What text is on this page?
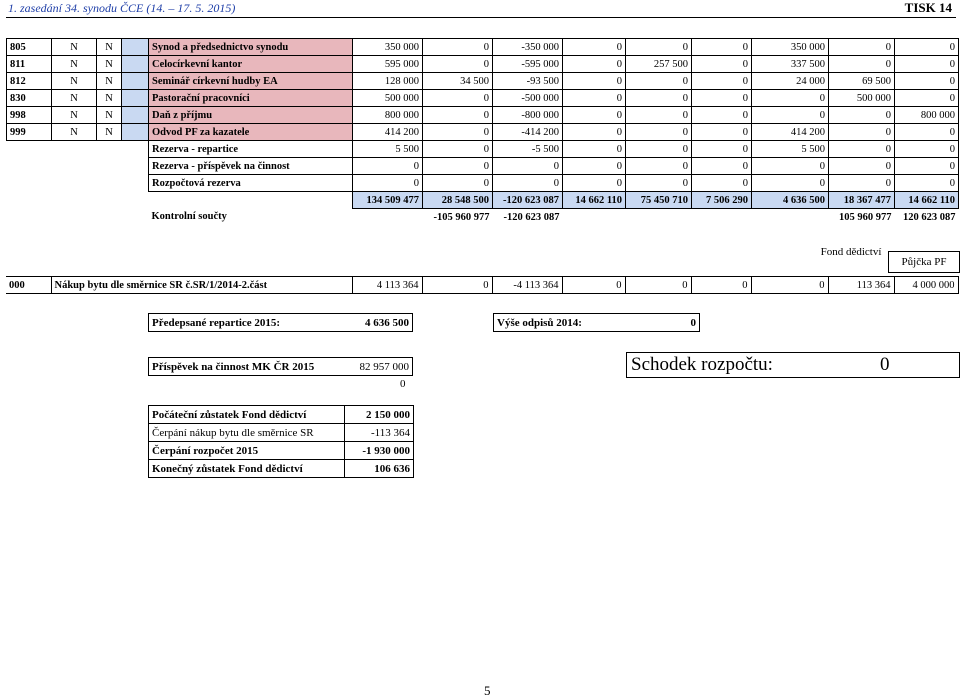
1. zasedání 34. synodu ČCE (14. – 17. 5. 2015)	TISK 14
805	N	N		Synod a předsednictvo synodu	350 000	0	-350 000	0	0	0	350 000	0	0
811	N	N		Celocírkevní kantor	595 000	0	-595 000	0	257 500	0	337 500	0	0
812	N	N		Seminář církevní hudby EA	128 000	34 500	-93 500	0	0	0	24 000	69 500	0
830	N	N		Pastorační pracovníci	500 000	0	-500 000	0	0	0	0	500 000	0
998	N	N		Daň z příjmu	800 000	0	-800 000	0	0	0	0	0	800 000
999	N	N		Odvod PF za kazatele	414 200	0	-414 200	0	0	0	414 200	0	0
				Rezerva - repartice	5 500	0	-5 500	0	0	0	5 500	0	0
				Rezerva - příspěvek na činnost	0	0	0	0	0	0	0	0	0
				Rozpočtová rezerva	0	0	0	0	0	0	0	0	0
					134 509 477	28 548 500	-120 623 087	14 662 110	75 450 710	7 506 290	4 636 500	18 367 477	14 662 110
				Kontrolní součty		-105 960 977	-120 623 087					105 960 977	120 623 087
Fond dědictví
Půjčka PF
000	Nákup bytu dle směrnice SR č.SR/1/2014-2.část	4 113 364	0	-4 113 364	0	0	0	0	113 364	4 000 000
Předepsané repartice 2015:	4 636 500	Výše odpisů 2014:	0
Příspěvek na činnost MK ČR 2015	82 957 000
0
Schodek rozpočtu:	0
Počáteční zůstatek Fond dědictví	2 150 000
Čerpání nákup bytu dle směrnice SR	-113 364
Čerpání rozpočet 2015	-1 930 000
Konečný zůstatek Fond dědictví	106 636
5
